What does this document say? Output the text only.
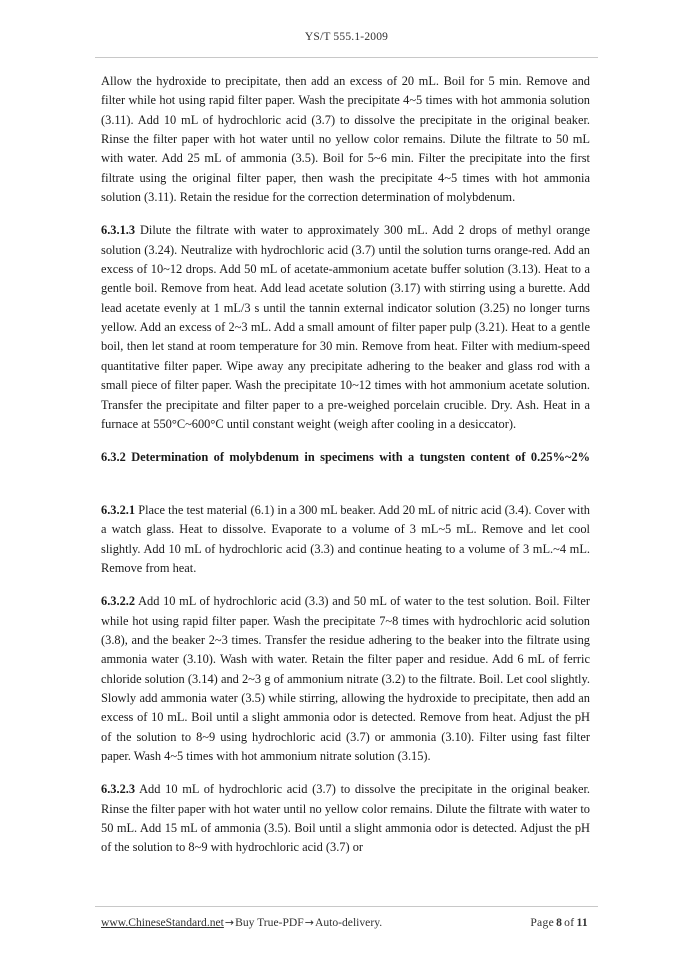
YS/T 555.1-2009

Allow the hydroxide to precipitate, then add an excess of 20 mL. Boil for 5 min. Remove and filter while hot using rapid filter paper. Wash the precipitate 4~5 times with hot ammonia solution (3.11). Add 10 mL of hydrochloric acid (3.7) to dissolve the precipitate in the original beaker. Rinse the filter paper with hot water until no yellow color remains. Dilute the filtrate to 50 mL with water. Add 25 mL of ammonia (3.5). Boil for 5~6 min. Filter the precipitate into the first filtrate using the original filter paper, then wash the precipitate 4~5 times with hot ammonia solution (3.11). Retain the residue for the correction determination of molybdenum.

6.3.1.3 Dilute the filtrate with water to approximately 300 mL. Add 2 drops of methyl orange solution (3.24). Neutralize with hydrochloric acid (3.7) until the solution turns orange-red. Add an excess of 10~12 drops. Add 50 mL of acetate-ammonium acetate buffer solution (3.13). Heat to a gentle boil. Remove from heat. Add lead acetate solution (3.17) with stirring using a burette. Add lead acetate evenly at 1 mL/3 s until the tannin external indicator solution (3.25) no longer turns yellow. Add an excess of 2~3 mL. Add a small amount of filter paper pulp (3.21). Heat to a gentle boil, then let stand at room temperature for 30 min. Remove from heat. Filter with medium-speed quantitative filter paper. Wipe away any precipitate adhering to the beaker and glass rod with a small piece of filter paper. Wash the precipitate 10~12 times with hot ammonium acetate solution. Transfer the precipitate and filter paper to a pre-weighed porcelain crucible. Dry. Ash. Heat in a furnace at 550°C~600°C until constant weight (weigh after cooling in a desiccator).

6.3.2 Determination of molybdenum in specimens with a tungsten content of 0.25%~2%

6.3.2.1 Place the test material (6.1) in a 300 mL beaker. Add 20 mL of nitric acid (3.4). Cover with a watch glass. Heat to dissolve. Evaporate to a volume of 3 mL~5 mL. Remove and let cool slightly. Add 10 mL of hydrochloric acid (3.3) and continue heating to a volume of 3 mL.~4 mL. Remove from heat.

6.3.2.2 Add 10 mL of hydrochloric acid (3.3) and 50 mL of water to the test solution. Boil. Filter while hot using rapid filter paper. Wash the precipitate 7~8 times with hydrochloric acid solution (3.8), and the beaker 2~3 times. Transfer the residue adhering to the beaker into the filtrate using ammonia water (3.10). Wash with water. Retain the filter paper and residue. Add 6 mL of ferric chloride solution (3.14) and 2~3 g of ammonium nitrate (3.2) to the filtrate. Boil. Let cool slightly. Slowly add ammonia water (3.5) while stirring, allowing the hydroxide to precipitate, then add an excess of 10 mL. Boil until a slight ammonia odor is detected. Remove from heat. Adjust the pH of the solution to 8~9 using hydrochloric acid (3.7) or ammonia (3.10). Filter using fast filter paper. Wash 4~5 times with hot ammonium nitrate solution (3.15).

6.3.2.3 Add 10 mL of hydrochloric acid (3.7) to dissolve the precipitate in the original beaker. Rinse the filter paper with hot water until no yellow color remains. Dilute the filtrate with water to 50 mL. Add 15 mL of ammonia (3.5). Boil until a slight ammonia odor is detected. Adjust the pH of the solution to 8~9 with hydrochloric acid (3.7) or

www.ChineseStandard.net→Buy True-PDF→Auto-delivery.	Page 8 of 11
